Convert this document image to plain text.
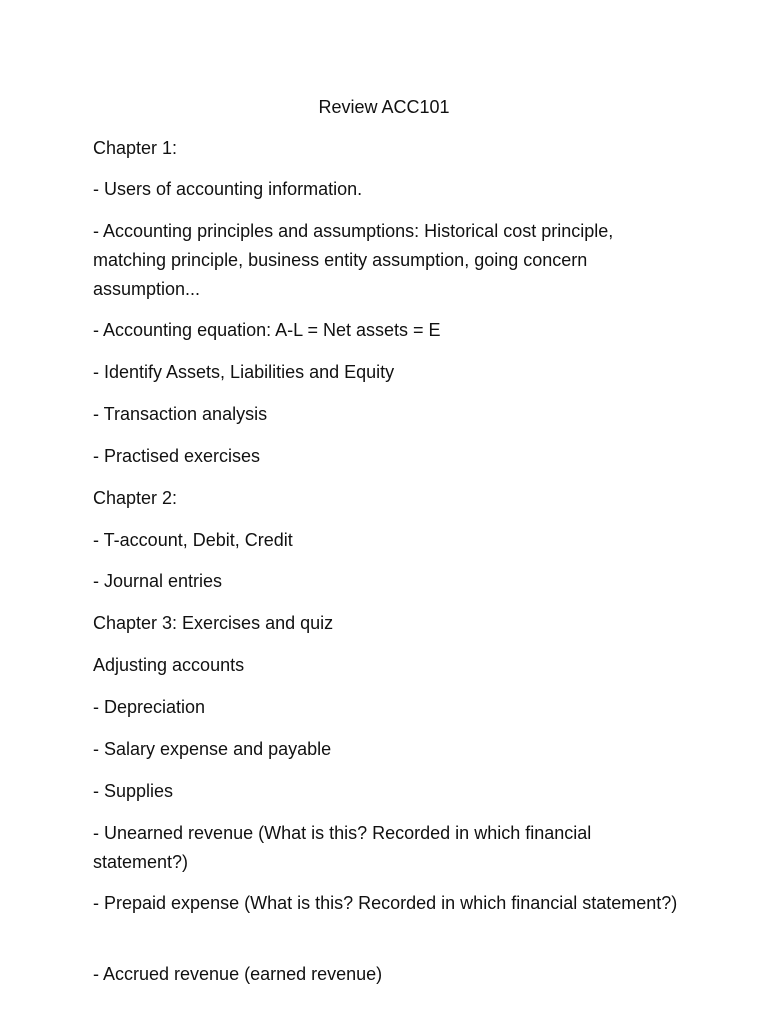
Review ACC101

Chapter 1:

- Users of accounting information.

- Accounting principles and assumptions: Historical cost principle, matching principle, business entity assumption, going concern assumption...

- Accounting equation: A-L = Net assets = E

- Identify Assets, Liabilities and Equity

- Transaction analysis

- Practised exercises

Chapter 2:

- T-account, Debit, Credit

- Journal entries

Chapter 3: Exercises and quiz

Adjusting accounts

- Depreciation

- Salary expense and payable

- Supplies

- Unearned revenue (What is this? Recorded in which financial statement?)

- Prepaid expense (What is this? Recorded in which financial statement?)

- Accrued revenue (earned revenue)
